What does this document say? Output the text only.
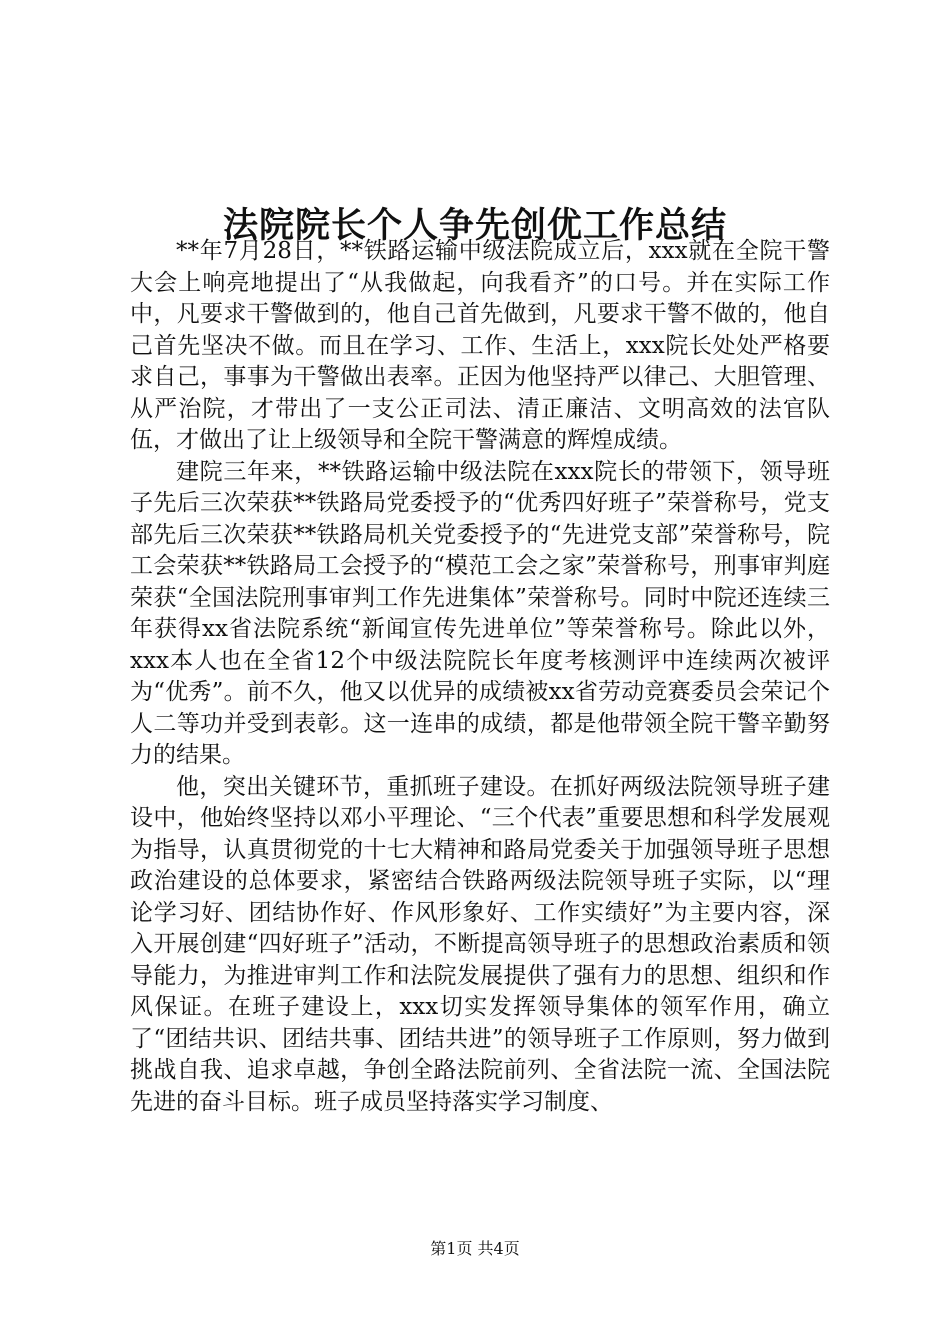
法院院长个人争先创优工作总结

**年7月28日，**铁路运输中级法院成立后，xxx就在全院干警大会上响亮地提出了“从我做起，向我看齐”的口号。并在实际工作中，凡要求干警做到的，他自己首先做到，凡要求干警不做的，他自己首先坚决不做。而且在学习、工作、生活上，xxx院长处处严格要求自己，事事为干警做出表率。正因为他坚持严以律己、大胆管理、从严治院，才带出了一支公正司法、清正廉洁、文明高效的法官队伍，才做出了让上级领导和全院干警满意的辉煌成绩。

建院三年来，**铁路运输中级法院在xxx院长的带领下，领导班子先后三次荣获**铁路局党委授予的“优秀四好班子”荣誉称号，党支部先后三次荣获**铁路局机关党委授予的“先进党支部”荣誉称号，院工会荣获**铁路局工会授予的“模范工会之家”荣誉称号，刑事审判庭荣获“全国法院刑事审判工作先进集体”荣誉称号。同时中院还连续三年获得xx省法院系统“新闻宣传先进单位”等荣誉称号。除此以外，xxx本人也在全省12个中级法院院长年度考核测评中连续两次被评为“优秀”。前不久，他又以优异的成绩被xx省劳动竞赛委员会荣记个人二等功并受到表彰。这一连串的成绩，都是他带领全院干警辛勤努力的结果。

他，突出关键环节，重抓班子建设。在抓好两级法院领导班子建设中，他始终坚持以邓小平理论、“三个代表”重要思想和科学发展观为指导，认真贯彻党的十七大精神和路局党委关于加强领导班子思想政治建设的总体要求，紧密结合铁路两级法院领导班子实际，以“理论学习好、团结协作好、作风形象好、工作实绩好”为主要内容，深入开展创建“四好班子”活动，不断提高领导班子的思想政治素质和领导能力，为推进审判工作和法院发展提供了强有力的思想、组织和作风保证。在班子建设上，xxx切实发挥领导集体的领军作用，确立了“团结共识、团结共事、团结共进”的领导班子工作原则，努力做到挑战自我、追求卓越，争创全路法院前列、全省法院一流、全国法院先进的奋斗目标。班子成员坚持落实学习制度、

第1页 共4页
